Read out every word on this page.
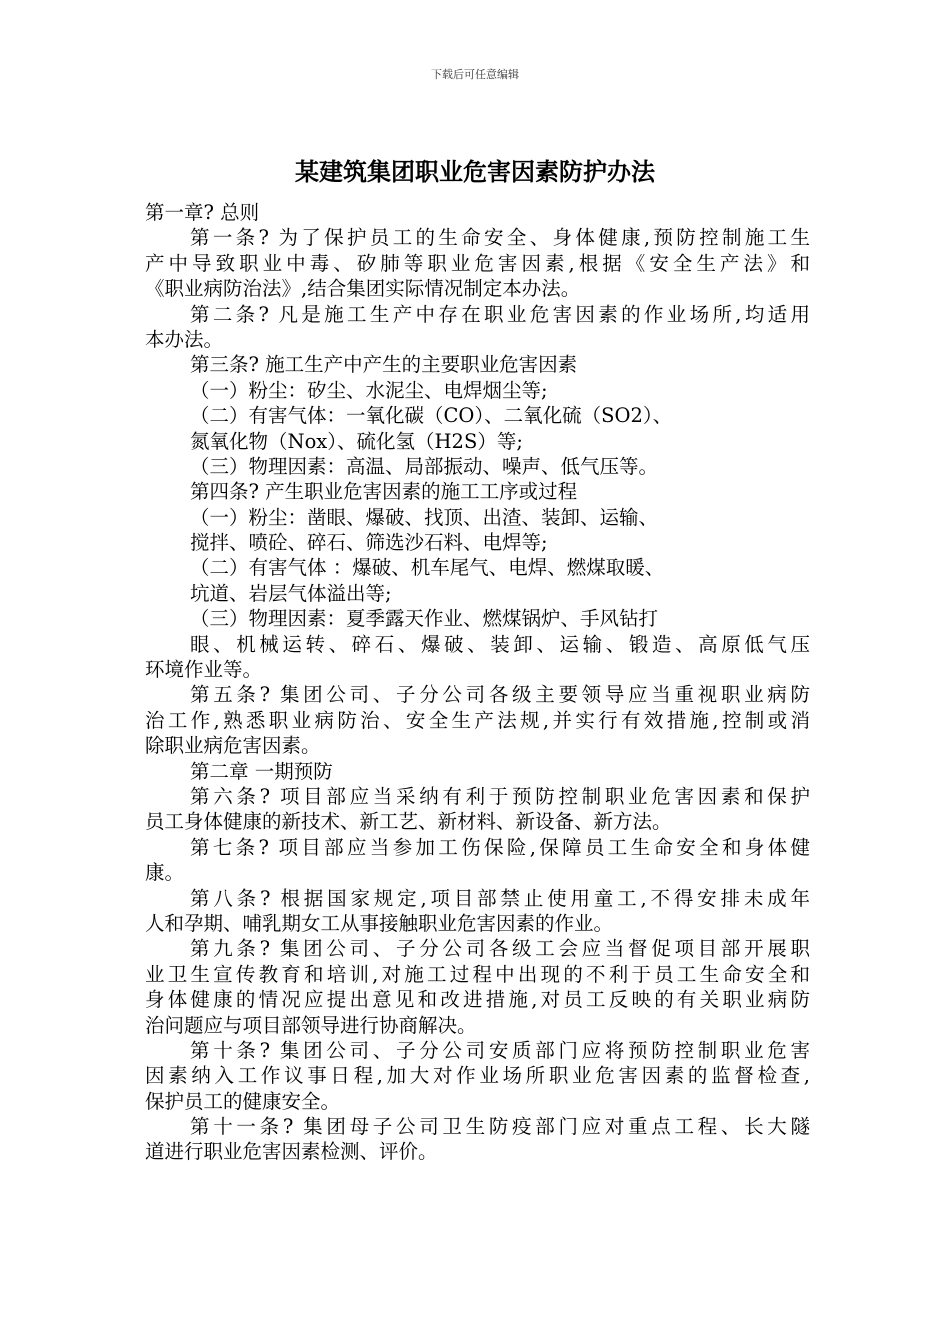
下载后可任意编辑
某建筑集团职业危害因素防护办法
第一章? 总则
第一条? 为了保护员工的生命安全、身体健康,预防控制施工生
产中导致职业中毒、矽肺等职业危害因素,根据《安全生产法》和
《职业病防治法》,结合集团实际情况制定本办法。
第二条? 凡是施工生产中存在职业危害因素的作业场所,均适用
本办法。
第三条? 施工生产中产生的主要职业危害因素
（一）粉尘：矽尘、水泥尘、电焊烟尘等;
（二）有害气体：一氧化碳（CO）、二氧化硫（SO2）、
氮氧化物（Nox）、硫化氢（H2S）等;
（三）物理因素：高温、局部振动、噪声、低气压等。
第四条? 产生职业危害因素的施工工序或过程
（一）粉尘：凿眼、爆破、找顶、出渣、装卸、运输、
搅拌、喷砼、碎石、筛选沙石料、电焊等;
（二）有害气体 ：爆破、机车尾气、电焊、燃煤取暖、
坑道、岩层气体溢出等;
（三）物理因素：夏季露天作业、燃煤锅炉、手风钻打
眼、机械运转、碎石、爆破、装卸、运输、锻造、高原低气压
环境作业等。
第五条? 集团公司、子分公司各级主要领导应当重视职业病防
治工作,熟悉职业病防治、安全生产法规,并实行有效措施,控制或消
除职业病危害因素。
第二章 一期预防
第六条? 项目部应当采纳有利于预防控制职业危害因素和保护
员工身体健康的新技术、新工艺、新材料、新设备、新方法。
第七条? 项目部应当参加工伤保险,保障员工生命安全和身体健
康。
第八条? 根据国家规定,项目部禁止使用童工,不得安排未成年
人和孕期、哺乳期女工从事接触职业危害因素的作业。
第九条? 集团公司、子分公司各级工会应当督促项目部开展职
业卫生宣传教育和培训,对施工过程中出现的不利于员工生命安全和
身体健康的情况应提出意见和改进措施,对员工反映的有关职业病防
治问题应与项目部领导进行协商解决。
第十条? 集团公司、子分公司安质部门应将预防控制职业危害
因素纳入工作议事日程,加大对作业场所职业危害因素的监督检查,
保护员工的健康安全。
第十一条? 集团母子公司卫生防疫部门应对重点工程、长大隧
道进行职业危害因素检测、评价。
